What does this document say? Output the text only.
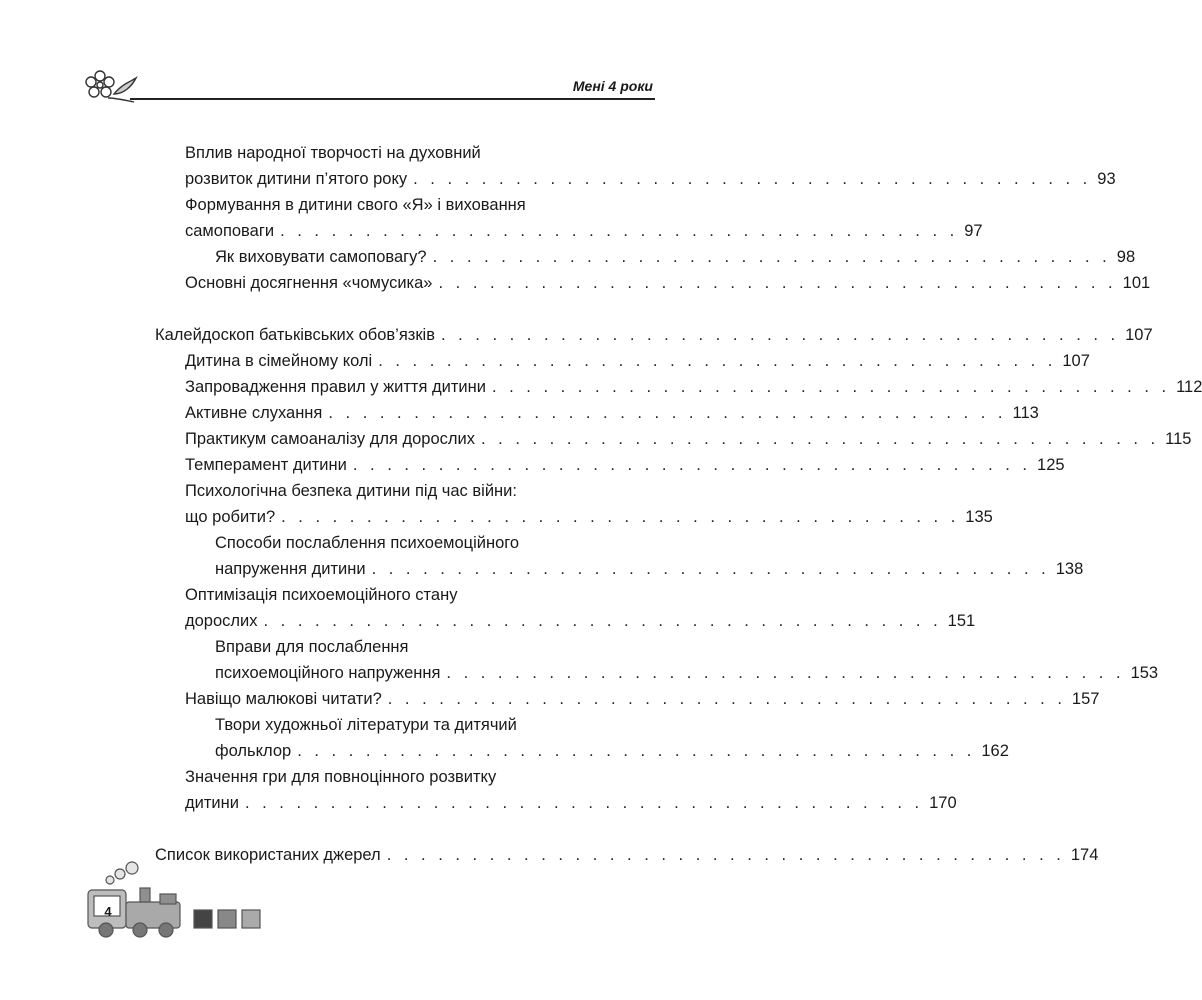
Мені 4 роки
Вплив народної творчості на духовний
розвиток дитини п’ятого року . . . . . . . . . . . . . . . . . . . . . . . . . . . . . . . . . . . . . . . . 93
Формування в дитини свого «Я» і виховання
самоповаги . . . . . . . . . . . . . . . . . . . . . . . . . . . . . . . . . . . . . . . . 97
Як виховувати самоповагу? . . . . . . . . . . . . . . . . . . . . . . . . . . . . . . . . . . . . . . . . 98
Основні досягнення «чомусика» . . . . . . . . . . . . . . . . . . . . . . . . . . . . . . . . . . . . . . . . 101
Калейдоскоп батьківських обов’язків . . . . . . . . . . . . . . . . . . . . . . . . . . . . . . . . . . . . . . . . 107
Дитина в сімейному колі . . . . . . . . . . . . . . . . . . . . . . . . . . . . . . . . . . . . . . . . 107
Запровадження правил у життя дитини . . . . . . . . . . . . . . . . . . . . . . . . . . . . . . . . . . . . . . . . 112
Активне слухання . . . . . . . . . . . . . . . . . . . . . . . . . . . . . . . . . . . . . . . . 113
Практикум самоаналізу для дорослих . . . . . . . . . . . . . . . . . . . . . . . . . . . . . . . . . . . . . . . . 115
Темперамент дитини . . . . . . . . . . . . . . . . . . . . . . . . . . . . . . . . . . . . . . . . 125
Психологічна безпека дитини під час війни:
що робити? . . . . . . . . . . . . . . . . . . . . . . . . . . . . . . . . . . . . . . . . 135
Способи послаблення психоемоційного
напруження дитини . . . . . . . . . . . . . . . . . . . . . . . . . . . . . . . . . . . . . . . . 138
Оптимізація психоемоційного стану
дорослих . . . . . . . . . . . . . . . . . . . . . . . . . . . . . . . . . . . . . . . . 151
Вправи для послаблення
психоемоційного напруження . . . . . . . . . . . . . . . . . . . . . . . . . . . . . . . . . . . . . . . . 153
Навіщо малюкові читати? . . . . . . . . . . . . . . . . . . . . . . . . . . . . . . . . . . . . . . . . 157
Твори художньої літератури та дитячий
фольклор . . . . . . . . . . . . . . . . . . . . . . . . . . . . . . . . . . . . . . . . 162
Значення гри для повноцінного розвитку
дитини . . . . . . . . . . . . . . . . . . . . . . . . . . . . . . . . . . . . . . . . 170
Список використаних джерел . . . . . . . . . . . . . . . . . . . . . . . . . . . . . . . . . . . . . . . . 174
4
